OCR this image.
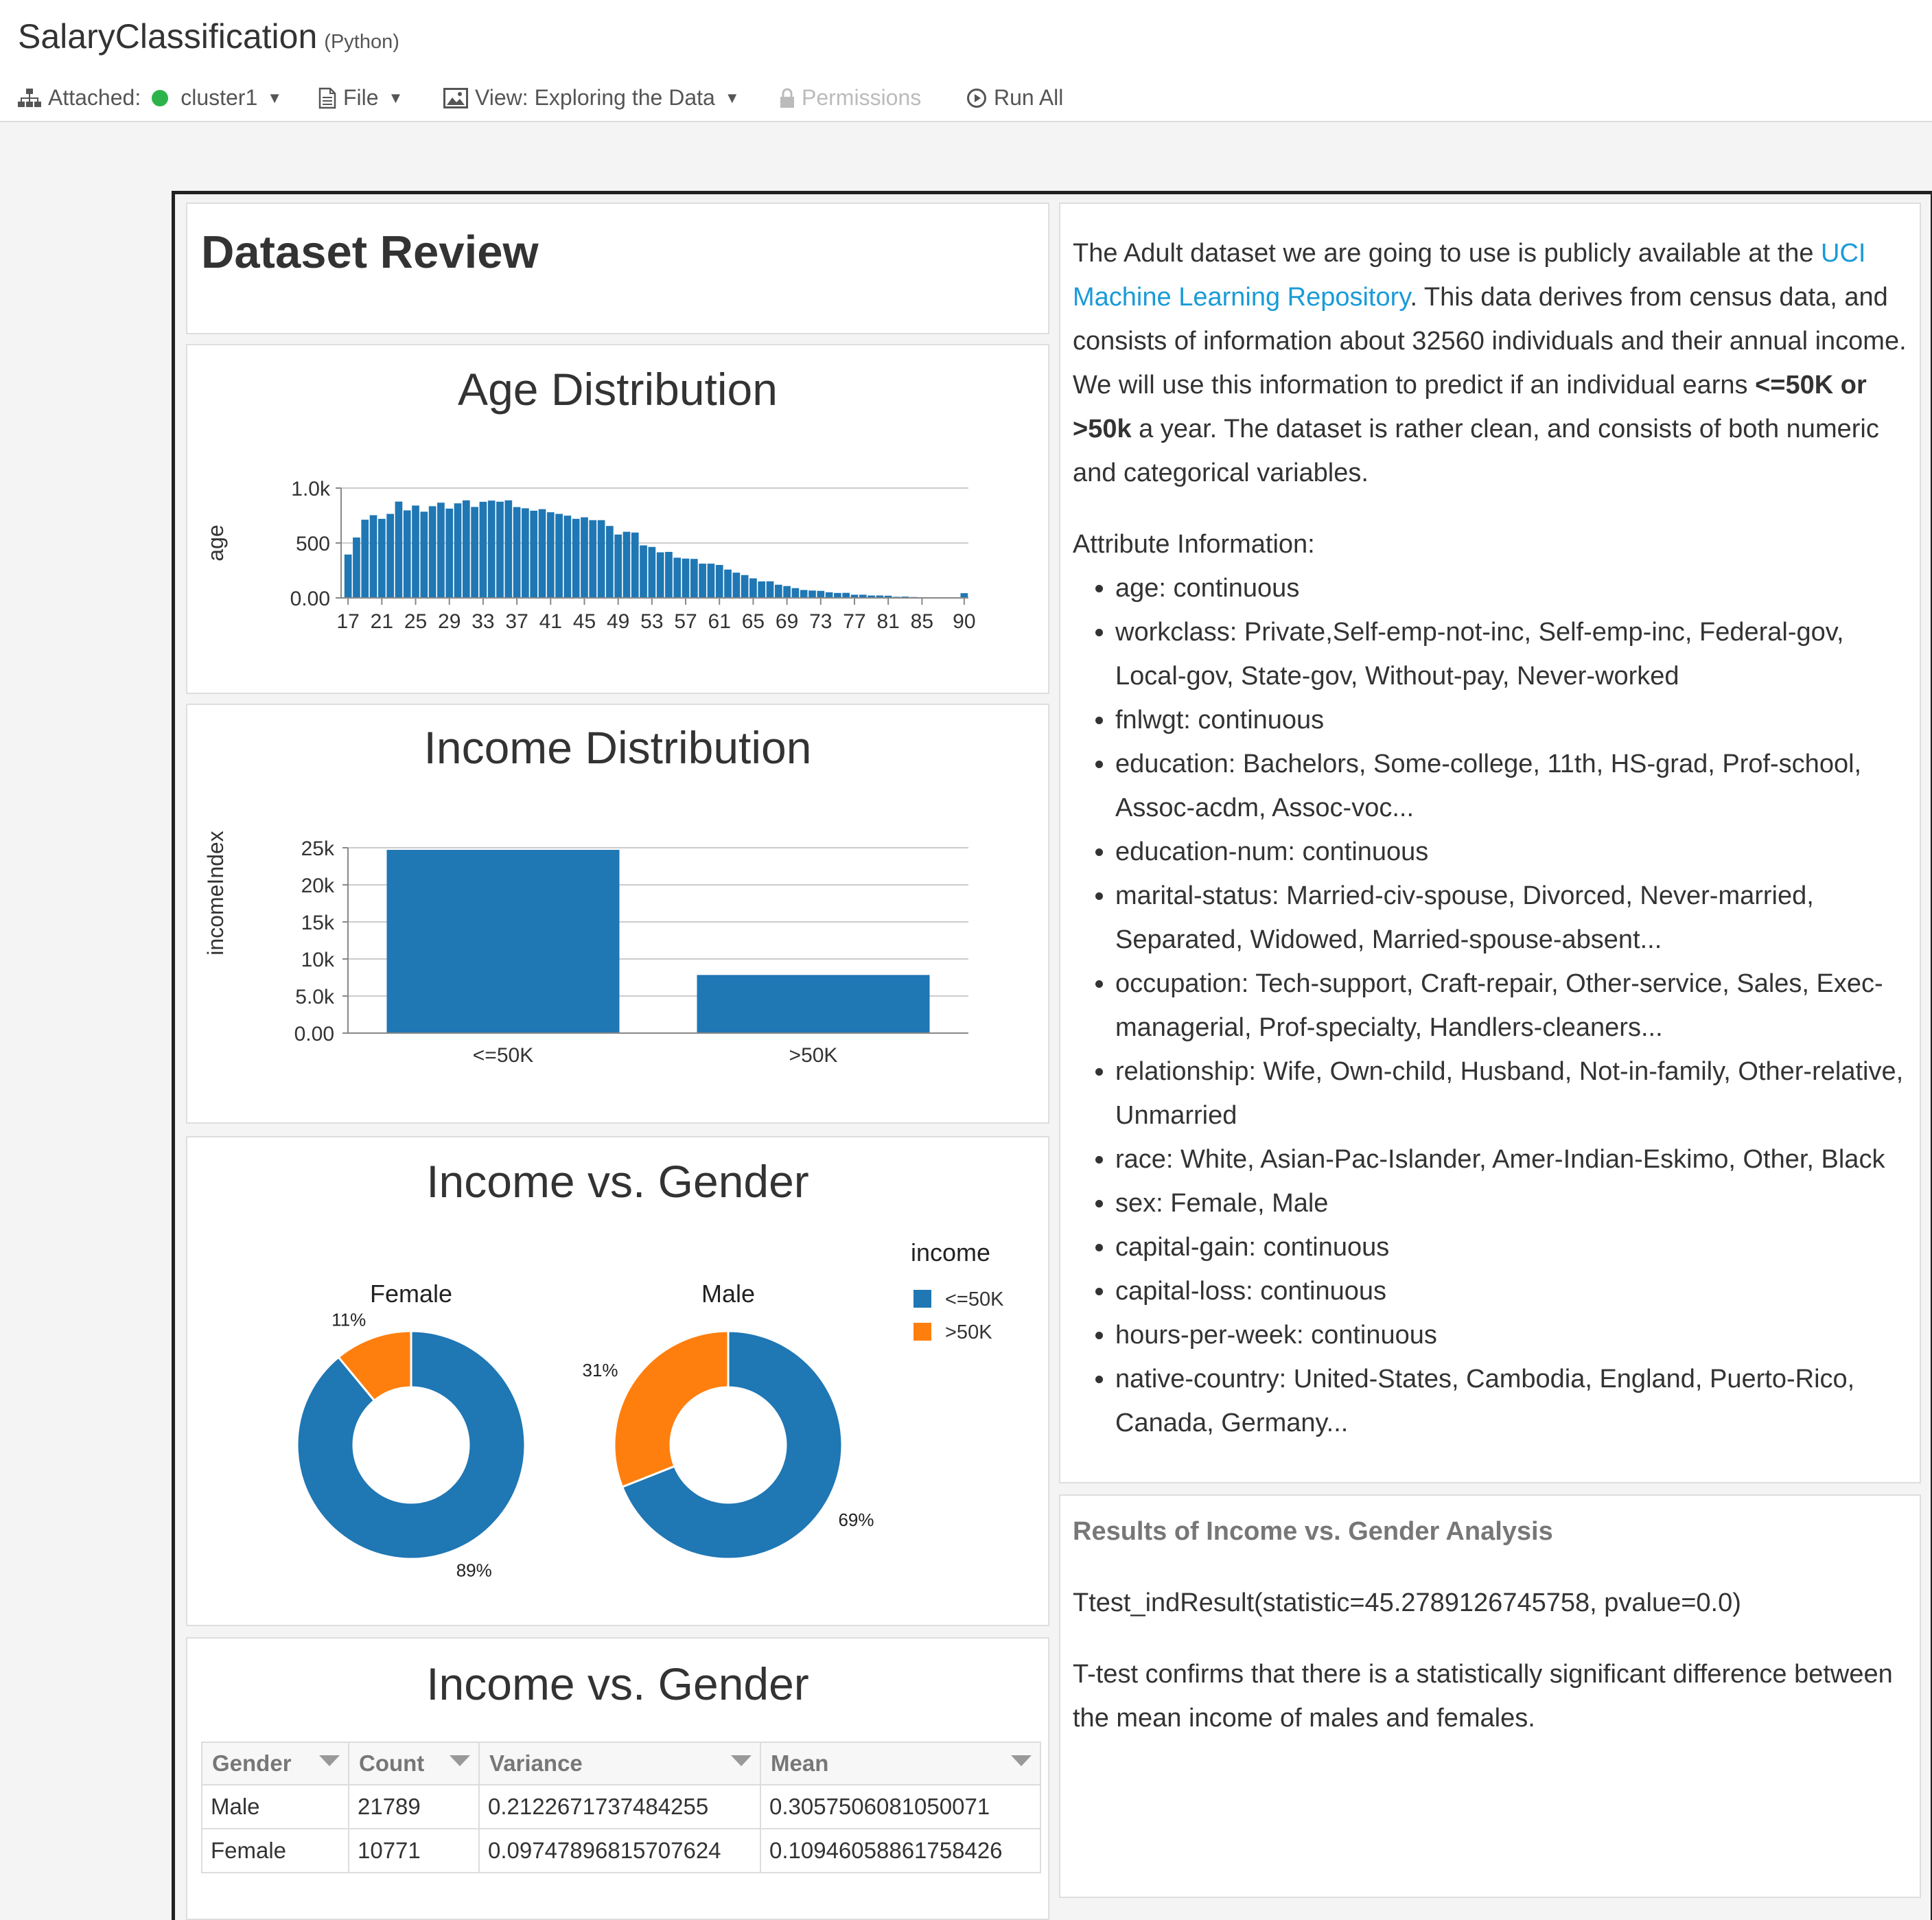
SalaryClassification (Python)
Attached: cluster1 ▼	File ▼	View: Exploring the Data ▼	Permissions	Run All
Dataset Review
Age Distribution
0.00
500
1.0k
age
17 21 25 29 33 37 41 45 49 53 57 61 65 69 73 77 81 85 90
Income Distribution
0.00
5.0k
10k
15k
20k
25k
incomeIndex
<=50K	>50K
Income vs. Gender
Female
89%
11%
Male
69%
31%
income
<=50K
>50K
Income vs. Gender
Gender	Count	Variance	Mean

Male	21789	0.2122671737484255	0.3057506081050071
Female	10771	0.09747896815707624	0.10946058861758426

The Adult dataset we are going to use is publicly available at the UCI Machine Learning Repository. This data derives from census data, and consists of information about 32560 individuals and their annual income. We will use this information to predict if an individual earns <=50K or >50k a year. The dataset is rather clean, and consists of both numeric and categorical variables.

Attribute Information:

• age: continuous
• workclass: Private,Self-emp-not-inc, Self-emp-inc, Federal-gov, Local-gov, State-gov, Without-pay, Never-worked
• fnlwgt: continuous
• education: Bachelors, Some-college, 11th, HS-grad, Prof-school, Assoc-acdm, Assoc-voc...
• education-num: continuous
• marital-status: Married-civ-spouse, Divorced, Never-married, Separated, Widowed, Married-spouse-absent...
• occupation: Tech-support, Craft-repair, Other-service, Sales, Exec-managerial, Prof-specialty, Handlers-cleaners...
• relationship: Wife, Own-child, Husband, Not-in-family, Other-relative, Unmarried
• race: White, Asian-Pac-Islander, Amer-Indian-Eskimo, Other, Black
• sex: Female, Male
• capital-gain: continuous
• capital-loss: continuous
• hours-per-week: continuous
• native-country: United-States, Cambodia, England, Puerto-Rico, Canada, Germany...
Results of Income vs. Gender Analysis

Ttest_indResult(statistic=45.2789126745758, pvalue=0.0)

T-test confirms that there is a statistically significant difference between the mean income of males and females.
